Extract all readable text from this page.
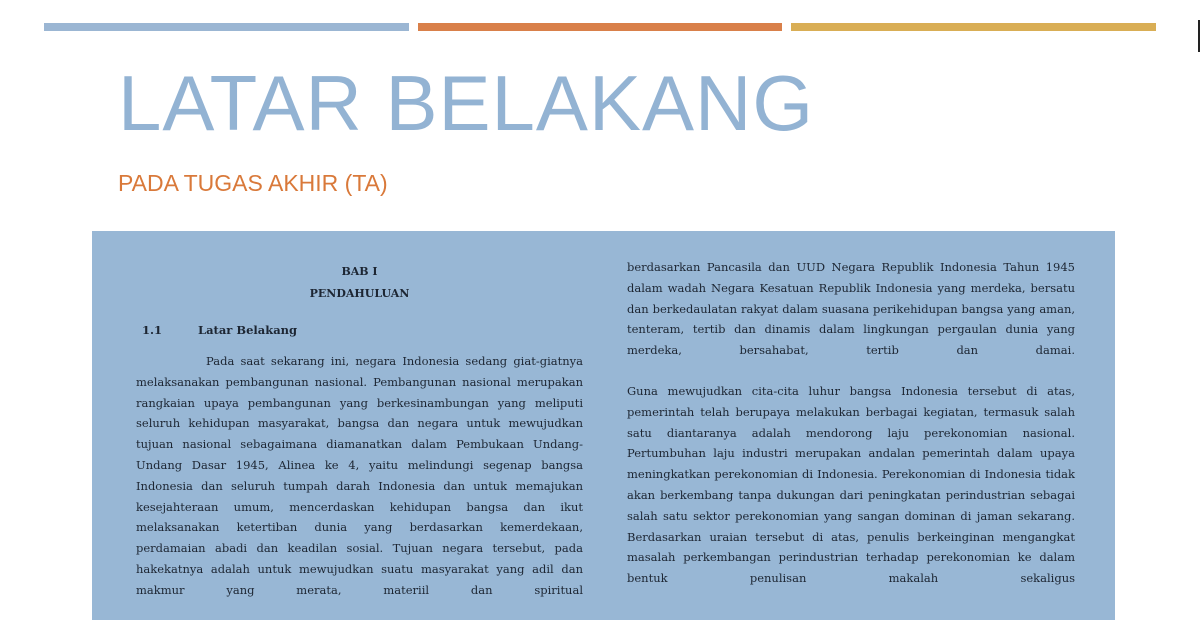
LATAR BELAKANG
PADA TUGAS AKHIR (TA)
BAB I
PENDAHULUAN
1.1	Latar Belakang

Pada saat sekarang ini, negara Indonesia sedang giat-giatnya melaksanakan pembangunan nasional. Pembangunan nasional merupakan rangkaian upaya pembangunan yang berkesinambungan yang meliputi seluruh kehidupan masyarakat, bangsa dan negara untuk mewujudkan tujuan nasional sebagaimana diamanatkan dalam Pembukaan Undang-Undang Dasar 1945, Alinea ke 4, yaitu melindungi segenap bangsa Indonesia dan seluruh tumpah darah Indonesia dan untuk memajukan kesejahteraan umum, mencerdaskan kehidupan bangsa dan ikut melaksanakan ketertiban dunia yang berdasarkan kemerdekaan, perdamaian abadi dan keadilan sosial. Tujuan negara tersebut, pada hakekatnya adalah untuk mewujudkan suatu masyarakat yang adil dan makmur yang merata, materiil dan spiritual

berdasarkan Pancasila dan UUD Negara Republik Indonesia Tahun 1945 dalam wadah Negara Kesatuan Republik Indonesia yang merdeka, bersatu dan berkedaulatan rakyat dalam suasana perikehidupan bangsa yang aman, tenteram, tertib dan dinamis dalam lingkungan pergaulan dunia yang merdeka, bersahabat, tertib dan damai.

Guna mewujudkan cita-cita luhur bangsa Indonesia tersebut di atas, pemerintah telah berupaya melakukan berbagai kegiatan, termasuk salah satu diantaranya adalah mendorong laju perekonomian nasional. Pertumbuhan laju industri merupakan andalan pemerintah dalam upaya meningkatkan perekonomian di Indonesia. Perekonomian di Indonesia tidak akan berkembang tanpa dukungan dari peningkatan perindustrian sebagai salah satu sektor perekonomian yang sangan dominan di jaman sekarang. Berdasarkan uraian tersebut di atas, penulis berkeinginan mengangkat masalah perkembangan perindustrian terhadap perekonomian ke dalam bentuk penulisan makalah sekaligus
